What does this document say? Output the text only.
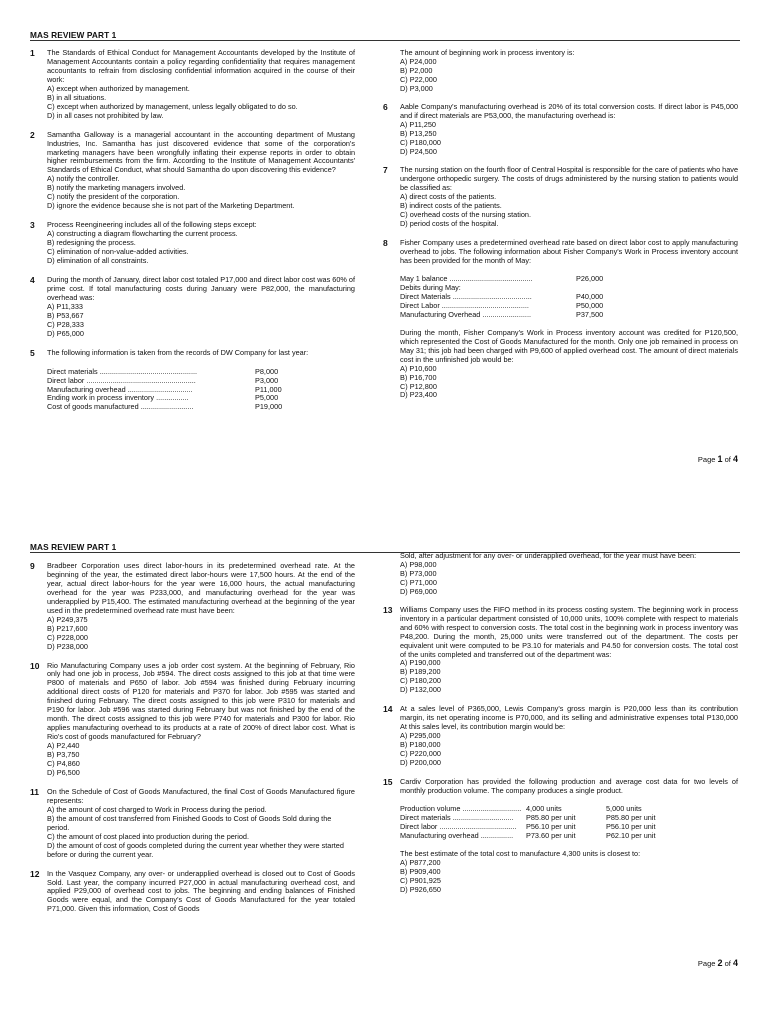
MAS REVIEW PART 1
1 The Standards of Ethical Conduct for Management Accountants developed by the Institute of Management Accountants contain a policy regarding confidentiality that requires management accountants to refrain from disclosing confidential information acquired in the course of their work:
A) except when authorized by management.
B) in all situations.
C) except when authorized by management, unless legally obligated to do so.
D) in all cases not prohibited by law.
2 Samantha Galloway is a managerial accountant in the accounting department of Mustang Industries, Inc. Samantha has just discovered evidence that some of the corporation's marketing managers have been wrongfully inflating their expense reports in order to obtain higher reimbursements from the firm. According to the Institute of Management Accountants' Standards of Ethical Conduct, what should Samantha do upon discovering this evidence?
A) notify the controller.
B) notify the marketing managers involved.
C) notify the president of the corporation.
D) ignore the evidence because she is not part of the Marketing Department.
3 Process Reengineering includes all of the following steps except:
A) constructing a diagram flowcharting the current process.
B) redesigning the process.
C) elimination of non-value-added activities.
D) elimination of all constraints.
4 During the month of January, direct labor cost totaled P17,000 and direct labor cost was 60% of prime cost. If total manufacturing costs during January were P82,000, the manufacturing overhead was:
A) P11,333
B) P53,667
C) P28,333
D) P65,000
5 The following information is taken from the records of DW Company for last year:
Direct materials ................................................	P8,000
Direct labor ......................................................	P3,000
Manufacturing overhead ................................	P11,000
Ending work in process inventory ................	P5,000
Cost of goods manufactured ..........................	P19,000
The amount of beginning work in process inventory is:
A) P24,000
B) P2,000
C) P22,000
D) P3,000
6 Aable Company's manufacturing overhead is 20% of its total conversion costs. If direct labor is P45,000 and if direct materials are P53,000, the manufacturing overhead is:
A) P11,250
B) P13,250
C) P180,000
D) P24,500
7 The nursing station on the fourth floor of Central Hospital is responsible for the care of patients who have undergone orthopedic surgery. The costs of drugs administered by the nursing station to patients would be classified as:
A) direct costs of the patients.
B) indirect costs of the patients.
C) overhead costs of the nursing station.
D) period costs of the hospital.
8 Fisher Company uses a predetermined overhead rate based on direct labor cost to apply manufacturing overhead to jobs. The following information about Fisher Company's Work in Process inventory account has been provided for the month of May:
May 1 balance .........................................	P26,000
Debits during May:	
Direct Materials .......................................	P40,000
Direct Labor ...........................................	P50,000
Manufacturing Overhead ........................	P37,500
During the month, Fisher Company's Work in Process inventory account was credited for P120,500, which represented the Cost of Goods Manufactured for the month. Only one job remained in process on May 31; this job had been charged with P9,600 of applied overhead cost. The amount of direct materials cost in the unfinished job would be:
A) P10,600
B) P16,700
C) P12,800
D) P23,400
Page 1 of 4
MAS REVIEW PART 1
9 Bradbeer Corporation uses direct labor-hours in its predetermined overhead rate. At the beginning of the year, the estimated direct labor-hours were 17,500 hours. At the end of the year, actual direct labor-hours for the year were 16,000 hours, the actual manufacturing overhead for the year was P233,000, and manufacturing overhead for the year was underapplied by P15,400. The estimated manufacturing overhead at the beginning of the year used in the predetermined overhead rate must have been:
A) P249,375
B) P217,600
C) P228,000
D) P238,000
10 Rio Manufacturing Company uses a job order cost system. At the beginning of February, Rio only had one job in process, Job #594. The direct costs assigned to this job at that time were P800 of materials and P650 of labor. Job #594 was finished during February incurring additional direct costs of P120 for materials and P370 for labor. Job #595 was started and finished during February. The direct costs assigned to this job were P310 for materials and P190 for labor. Job #596 was started during February but was not finished by the end of the month. The direct costs assigned to this job were P740 for materials and P300 for labor. Rio applies manufacturing overhead to its products at a rate of 200% of direct labor cost. What is Rio's cost of goods manufactured for February?
A) P2,440
B) P3,750
C) P4,860
D) P6,500
11 On the Schedule of Cost of Goods Manufactured, the final Cost of Goods Manufactured figure represents:
A) the amount of cost charged to Work in Process during the period.
B) the amount of cost transferred from Finished Goods to Cost of Goods Sold during the period.
C) the amount of cost placed into production during the period.
D) the amount of cost of goods completed during the current year whether they were started before or during the current year.
12 In the Vasquez Company, any over- or underapplied overhead is closed out to Cost of Goods Sold. Last year, the company incurred P27,000 in actual manufacturing overhead cost, and applied P29,000 of overhead cost to jobs. The beginning and ending balances of Finished Goods were equal, and the Company's Cost of Goods Manufactured for the year totaled P71,000. Given this information, Cost of Goods
Sold, after adjustment for any over- or underapplied overhead, for the year must have been:
A) P98,000
B) P73,000
C) P71,000
D) P69,000
13 Williams Company uses the FIFO method in its process costing system. The beginning work in process inventory in a particular department consisted of 10,000 units, 100% complete with respect to materials and 60% with respect to conversion costs. The total cost in the beginning work in process inventory was P48,200. During the month, 25,000 units were transferred out of the department. The costs per equivalent unit were computed to be P3.10 for materials and P4.50 for conversion costs. The total cost of the units completed and transferred out of the department was:
A) P190,000
B) P189,200
C) P180,200
D) P132,000
14 At a sales level of P365,000, Lewis Company's gross margin is P20,000 less than its contribution margin, its net operating income is P70,000, and its selling and administrative expenses total P130,000 At this sales level, its contribution margin would be:
A) P295,000
B) P180,000
C) P220,000
D) P200,000
15 Cardiv Corporation has provided the following production and average cost data for two levels of monthly production volume. The company produces a single product.
Production volume .............................	4,000 units	5,000 units
Direct materials ..............................	P85.80 per unit	P85.80 per unit
Direct labor ......................................	P56.10 per unit	P56.10 per unit
Manufacturing overhead ................	P73.60 per unit	P62.10 per unit
The best estimate of the total cost to manufacture 4,300 units is closest to:
A) P877,200
B) P909,400
C) P901,925
D) P926,650
Page 2 of 4
